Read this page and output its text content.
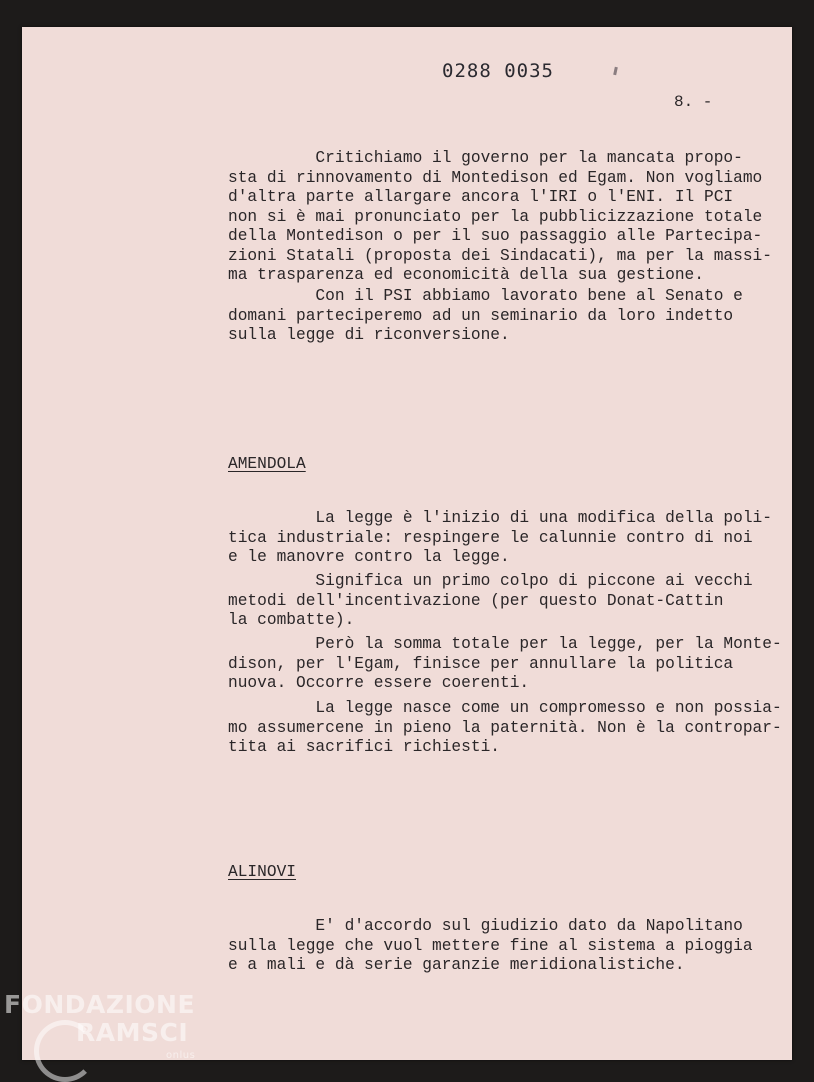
0288 0035
8. -
Critichiamo il governo per la mancata propo-
sta di rinnovamento di Montedison ed Egam. Non vogliamo
d'altra parte allargare ancora l'IRI o l'ENI. Il PCI
non si è mai pronunciato per la pubblicizzazione totale
della Montedison o per il suo passaggio alle Partecipa-
zioni Statali (proposta dei Sindacati), ma per la massi-
ma trasparenza ed economicità della sua gestione.
Con il PSI abbiamo lavorato bene al Senato e
domani parteciperemo ad un seminario da loro indetto
sulla legge di riconversione.
AMENDOLA
La legge è l'inizio di una modifica della poli-
tica industriale: respingere le calunnie contro di noi
e le manovre contro la legge.
Significa un primo colpo di piccone ai vecchi
metodi dell'incentivazione (per questo Donat-Cattin
la combatte).
Però la somma totale per la legge, per la Monte-
dison, per l'Egam, finisce per annullare la politica
nuova. Occorre essere coerenti.
La legge nasce come un compromesso e non possia-
mo assumercene in pieno la paternità. Non è la contropar-
tita ai sacrifici richiesti.
ALINOVI
E' d'accordo sul giudizio dato da Napolitano
sulla legge che vuol mettere fine al sistema a pioggia
e a mali e dà serie garanzie meridionalistiche.
FONDAZIONE
RAMSCI
onlus
